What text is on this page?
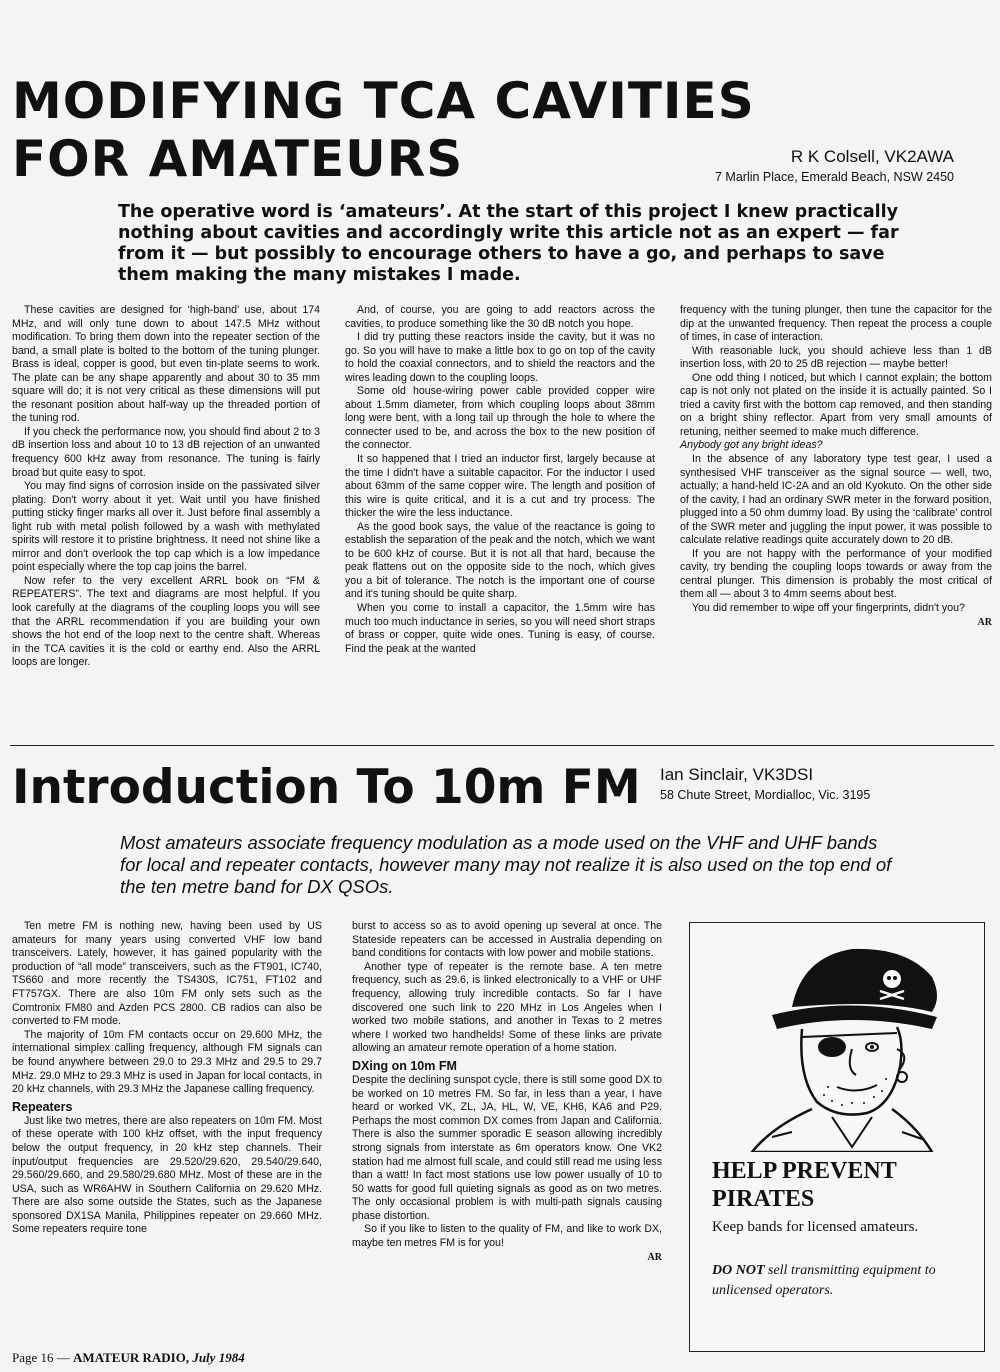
MODIFYING TCA CAVITIES FOR AMATEURS	R K Colsell, VK2AWA
7 Marlin Place, Emerald Beach, NSW 2450

The operative word is ‘amateurs’. At the start of this project I knew practically nothing about cavities and accordingly write this article not as an expert — far from it — but possibly to encourage others to have a go, and perhaps to save them making the many mistakes I made.

These cavities are designed for ‘high-band’ use, about 174 MHz, and will only tune down to about 147.5 MHz without modification. To bring them down into the repeater section of the band, a small plate is bolted to the bottom of the tuning plunger. Brass is ideal, copper is good, but even tin-plate seems to work. The plate can be any shape apparently and about 30 to 35 mm square will do; it is not very critical as these dimensions will put the resonant position about half-way up the threaded portion of the tuning rod.

If you check the performance now, you should find about 2 to 3 dB insertion loss and about 10 to 13 dB rejection of an unwanted frequency 600 kHz away from resonance. The tuning is fairly broad but quite easy to spot.

You may find signs of corrosion inside on the passivated silver plating. Don't worry about it yet. Wait until you have finished putting sticky finger marks all over it. Just before final assembly a light rub with metal polish followed by a wash with methylated spirits will restore it to pristine brightness. It need not shine like a mirror and don't overlook the top cap which is a low impedance point especially where the top cap joins the barrel.

Now refer to the very excellent ARRL book on “FM & REPEATERS”. The text and diagrams are most helpful. If you look carefully at the diagrams of the coupling loops you will see that the ARRL recommendation if you are building your own shows the hot end of the loop next to the centre shaft. Whereas in the TCA cavities it is the cold or earthy end. Also the ARRL loops are longer.

And, of course, you are going to add reactors across the cavities, to produce something like the 30 dB notch you hope.

I did try putting these reactors inside the cavity, but it was no go. So you will have to make a little box to go on top of the cavity to hold the coaxial connectors, and to shield the reactors and the wires leading down to the coupling loops.

Some old house-wiring power cable provided copper wire about 1.5mm diameter, from which coupling loops about 38mm long were bent, with a long tail up through the hole to where the connecter used to be, and across the box to the new position of the connector.

It so happened that I tried an inductor first, largely because at the time I didn't have a suitable capacitor. For the inductor I used about 63mm of the same copper wire. The length and position of this wire is quite critical, and it is a cut and try process. The thicker the wire the less inductance.

As the good book says, the value of the reactance is going to establish the separation of the peak and the notch, which we want to be 600 kHz of course. But it is not all that hard, because the peak flattens out on the opposite side to the noch, which gives you a bit of tolerance. The notch is the important one of course and it's tuning should be quite sharp.

When you come to install a capacitor, the 1.5mm wire has much too much inductance in series, so you will need short straps of brass or copper, quite wide ones. Tuning is easy, of course. Find the peak at the wanted

frequency with the tuning plunger, then tune the capacitor for the dip at the unwanted frequency. Then repeat the process a couple of times, in case of interaction.

With reasonable luck, you should achieve less than 1 dB insertion loss, with 20 to 25 dB rejection — maybe better!

One odd thing I noticed, but which I cannot explain; the bottom cap is not only not plated on the inside it is actually painted. So I tried a cavity first with the bottom cap removed, and then standing on a bright shiny reflector. Apart from very small amounts of retuning, neither seemed to make much difference.

Anybody got any bright ideas?

In the absence of any laboratory type test gear, I used a synthesised VHF transceiver as the signal source — well, two, actually; a hand-held IC-2A and an old Kyokuto. On the other side of the cavity, I had an ordinary SWR meter in the forward position, plugged into a 50 ohm dummy load. By using the ‘calibrate’ control of the SWR meter and juggling the input power, it was possible to calculate relative readings quite accurately down to 20 dB.

If you are not happy with the performance of your modified cavity, try bending the coupling loops towards or away from the central plunger. This dimension is probably the most critical of them all — about 3 to 4mm seems about best.

You did remember to wipe off your fingerprints, didn't you?

AR
Introduction To 10m FM Ian Sinclair, VK3DSI
58 Chute Street, Mordialloc, Vic. 3195

Most amateurs associate frequency modulation as a mode used on the VHF and UHF bands for local and repeater contacts, however many may not realize it is also used on the top end of the ten metre band for DX QSOs.

Ten metre FM is nothing new, having been used by US amateurs for many years using converted VHF low band transceivers. Lately, however, it has gained popularity with the production of “all mode” transceivers, such as the FT901, IC740, TS660 and more recently the TS430S, IC751, FT102 and FT757GX. There are also 10m FM only sets such as the Comtronix FM80 and Azden PCS 2800. CB radios can also be converted to FM mode.

The majority of 10m FM contacts occur on 29.600 MHz, the international simplex calling frequency, although FM signals can be found anywhere between 29.0 to 29.3 MHz and 29.5 to 29.7 MHz. 29.0 MHz to 29.3 MHz is used in Japan for local contacts, in 20 kHz channels, with 29.3 MHz the Japanese calling frequency.

Repeaters

Just like two metres, there are also repeaters on 10m FM. Most of these operate with 100 kHz offset, with the input frequency below the output frequency, in 20 kHz step channels. Their input/output frequencies are 29.520/29.620, 29.540/29.640, 29.560/29.660, and 29.580/29.680 MHz. Most of these are in the USA, such as WR6AHW in Southern California on 29.620 MHz. There are also some outside the States, such as the Japanese sponsored DX1SA Manila, Philippines repeater on 29.660 MHz. Some repeaters require tone

burst to access so as to avoid opening up several at once. The Stateside repeaters can be accessed in Australia depending on band conditions for contacts with low power and mobile stations.

Another type of repeater is the remote base. A ten metre frequency, such as 29.6, is linked electronically to a VHF or UHF frequency, allowing truly incredible contacts. So far I have discovered one such link to 220 MHz in Los Angeles when I worked two mobile stations, and another in Texas to 2 metres where I worked two handhelds! Some of these links are private allowing an amateur remote operation of a home station.

DXing on 10m FM

Despite the declining sunspot cycle, there is still some good DX to be worked on 10 metres FM. So far, in less than a year, I have heard or worked VK, ZL, JA, HL, W, VE, KH6, KA6 and P29. Perhaps the most common DX comes from Japan and California. There is also the summer sporadic E season allowing incredibly strong signals from interstate as 6m operators know. One VK2 station had me almost full scale, and could still read me using less than a watt! In fact most stations use low power usually of 10 to 50 watts for good full quieting signals as good as on two metres. The only occasional problem is with multi-path signals causing phase distortion.

So if you like to listen to the quality of FM, and like to work DX, maybe ten metres FM is for you!

AR
HELP PREVENT
PIRATES
Keep bands for licensed amateurs.
DO NOT sell transmitting equipment to unlicensed operators.
Page 16 — AMATEUR RADIO, July 1984
